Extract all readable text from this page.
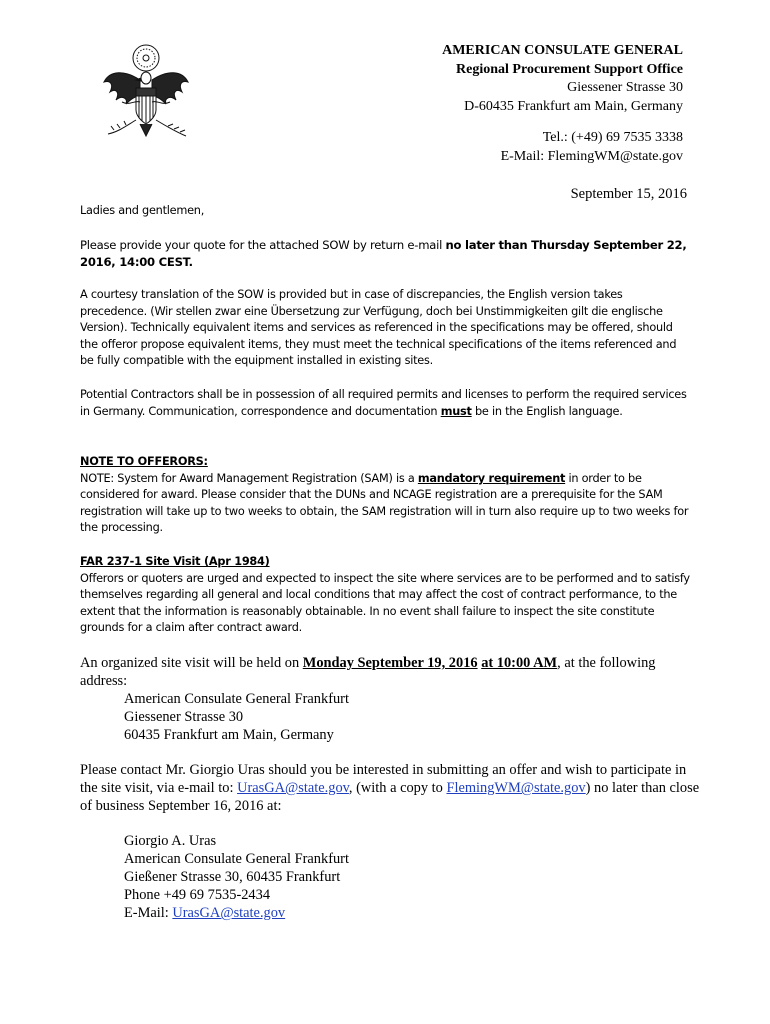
AMERICAN CONSULATE GENERAL
Regional Procurement Support Office
Giessener Strasse 30
D-60435 Frankfurt am Main, Germany
Tel.: (+49) 69 7535 3338
E-Mail: FlemingWM@state.gov
September 15, 2016
Ladies and gentlemen,
Please provide your quote for the attached SOW by return e-mail no later than Thursday September 22, 2016, 14:00 CEST.
A courtesy translation of the SOW is provided but in case of discrepancies, the English version takes precedence. (Wir stellen zwar eine Übersetzung zur Verfügung, doch bei Unstimmigkeiten gilt die englische Version). Technically equivalent items and services as referenced in the specifications may be offered, should the offeror propose equivalent items, they must meet the technical specifications of the items referenced and be fully compatible with the equipment installed in existing sites.
Potential Contractors shall be in possession of all required permits and licenses to perform the required services in Germany. Communication, correspondence and documentation must be in the English language.
NOTE TO OFFERORS:
NOTE: System for Award Management Registration (SAM) is a mandatory requirement in order to be considered for award. Please consider that the DUNs and NCAGE registration are a prerequisite for the SAM registration will take up to two weeks to obtain, the SAM registration will in turn also require up to two weeks for the processing.
FAR 237-1 Site Visit (Apr 1984)
Offerors or quoters are urged and expected to inspect the site where services are to be performed and to satisfy themselves regarding all general and local conditions that may affect the cost of contract performance, to the extent that the information is reasonably obtainable. In no event shall failure to inspect the site constitute grounds for a claim after contract award.
An organized site visit will be held on Monday September 19, 2016 at 10:00 AM, at the following address:
American Consulate General Frankfurt
Giessener Strasse 30
60435 Frankfurt am Main, Germany
Please contact Mr. Giorgio Uras should you be interested in submitting an offer and wish to participate in the site visit, via e-mail to: UrasGA@state.gov, (with a copy to FlemingWM@state.gov) no later than close of business September 16, 2016 at:
Giorgio A. Uras
American Consulate General Frankfurt
Gießener Strasse 30, 60435 Frankfurt
Phone +49 69 7535-2434
E-Mail: UrasGA@state.gov
